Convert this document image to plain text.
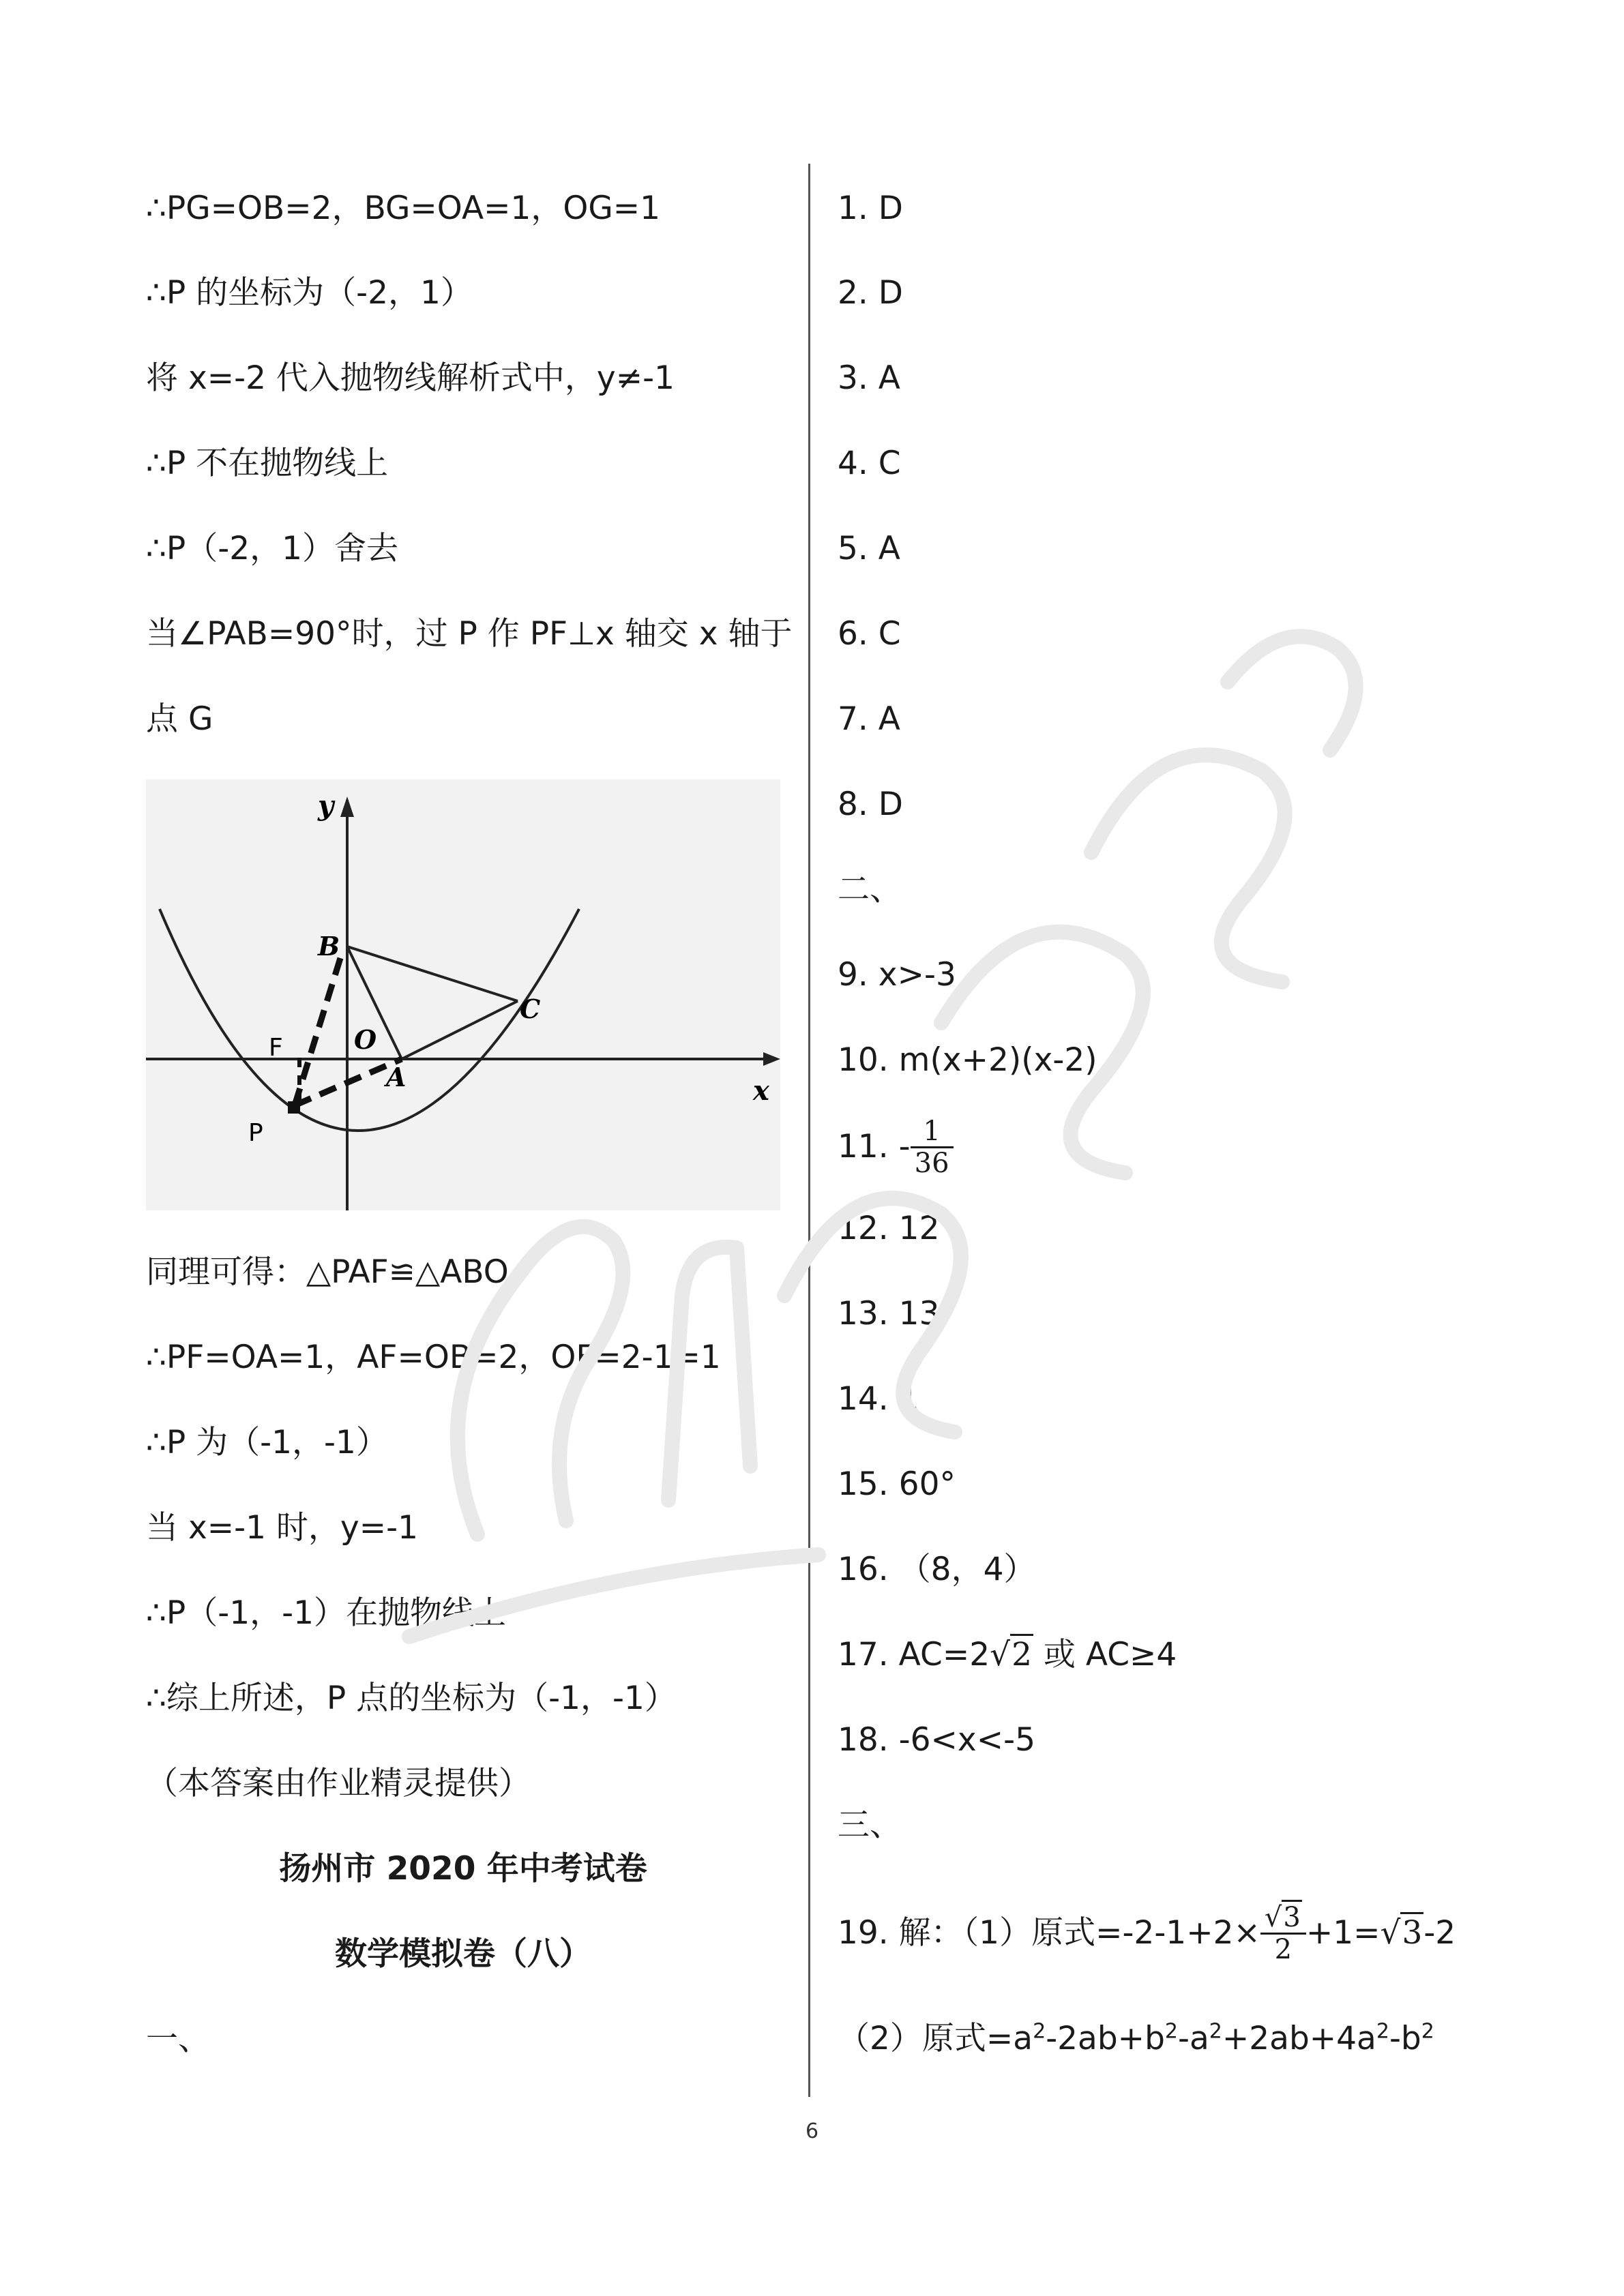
∴PG=OB=2，BG=OA=1，OG=1
∴P 的坐标为（-2，1）
将 x=-2 代入抛物线解析式中，y≠-1
∴P 不在抛物线上
∴P（-2，1）舍去
当∠PAB=90°时，过 P 作 PF⊥x 轴交 x 轴于
点 G
同理可得：△PAF≌△ABO
∴PF=OA=1，AF=OB=2，OF=2-1=1
∴P 为（-1，-1）
当 x=-1 时，y=-1
∴P（-1，-1）在抛物线上
∴综上所述，P 点的坐标为（-1，-1）
（本答案由作业精灵提供）
扬州市 2020 年中考试卷
数学模拟卷（八）
一、
y
x
B
O
A
C
F
P
1. D
2. D
3. A
4. C
5. A
6. C
7. A
8. D
二、
9. x>-3
10. m(x+2)(x-2)
11. - $\frac{1}{36}$
12. 12
13. 13
14. 1
15. 60°
16. （8，4）
17. AC=2√2 或 AC≥4
18. -6<x<-5
三、
19. 解：（1）原式$=-2-1+2\times \frac{√3}{2} +1= √3$ -2
（2）原式$=a^2-2ab+b^2-a^2+2ab+4a^2-b^2$
6
